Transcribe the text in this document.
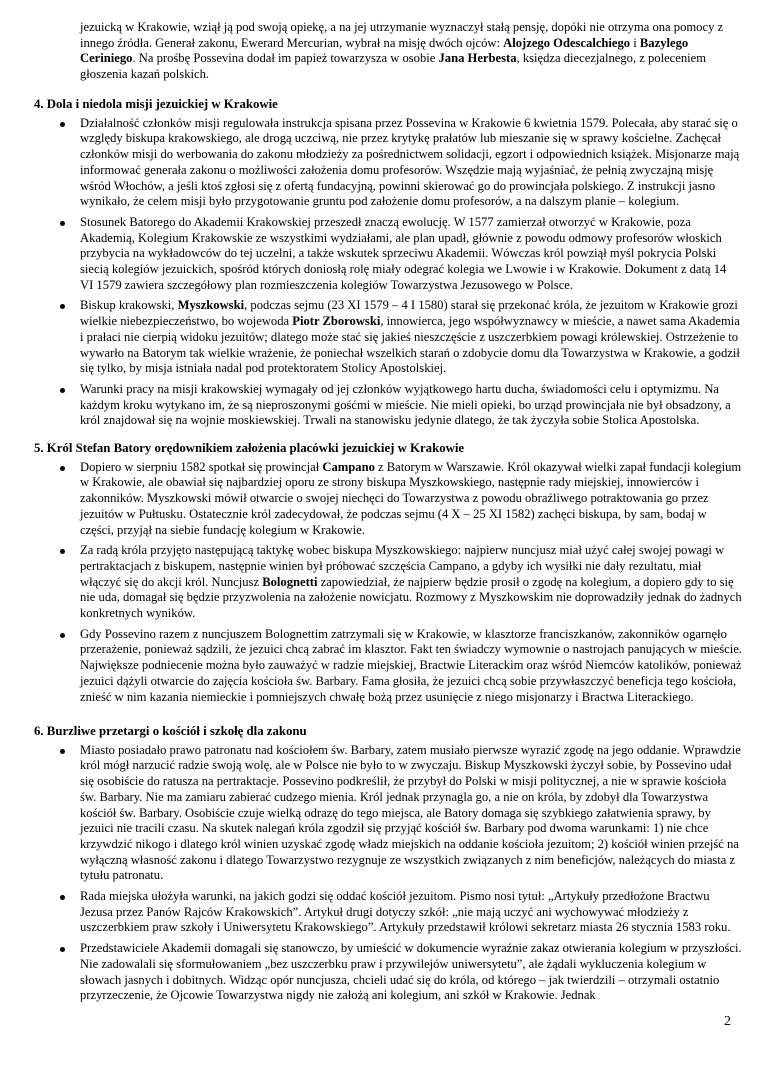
jezuicką w Krakowie, wziął ją pod swoją opiekę, a na jej utrzymanie wyznaczył stałą pensję, dopóki nie otrzyma ona pomocy z innego źródła. Generał zakonu, Ewerard Mercurian, wybrał na misję dwóch ojców: Alojzego Odescalchiego i Bazylego Ceriniego. Na prośbę Possevina dodał im papież towarzysza w osobie Jana Herbesta, księdza diecezjalnego, z poleceniem głoszenia kazań polskich.

4. Dola i niedola misji jezuickiej w Krakowie
Działalność członków misji regulowała instrukcja spisana przez Possevina w Krakowie 6 kwietnia 1579. Polecała, aby starać się o względy biskupa krakowskiego, ale drogą uczciwą, nie przez krytykę prałatów lub mieszanie się w sprawy kościelne. Zachęcał członków misji do werbowania do zakonu młodzieży za pośrednictwem solidacji, egzort i odpowiednich książek. Misjonarze mają informować generała zakonu o możliwości założenia domu profesorów. Wszędzie mają wyjaśniać, że pełnią zwyczajną misję wśród Włochów, a jeśli ktoś zgłosi się z ofertą fundacyjną, powinni skierować go do prowincjała polskiego. Z instrukcji jasno wynikało, że celem misji było przygotowanie gruntu pod założenie domu profesorów, a na dalszym planie – kolegium.
Stosunek Batorego do Akademii Krakowskiej przeszedł znaczą ewolucję. W 1577 zamierzał otworzyć w Krakowie, poza Akademią, Kolegium Krakowskie ze wszystkimi wydziałami, ale plan upadł, głównie z powodu odmowy profesorów włoskich przybycia na wykładowców do tej uczelni, a także wskutek sprzeciwu Akademii. Wówczas król powziął myśl pokrycia Polski siecią kolegiów jezuickich, spośród których doniosłą rolę miały odegrać kolegia we Lwowie i w Krakowie. Dokument z datą 14 VI 1579 zawiera szczegółowy plan rozmieszczenia kolegiów Towarzystwa Jezusowego w Polsce.
Biskup krakowski, Myszkowski, podczas sejmu (23 XI 1579 – 4 I 1580) starał się przekonać króla, że jezuitom w Krakowie grozi wielkie niebezpieczeństwo, bo wojewoda Piotr Zborowski, innowierca, jego współwyznawcy w mieście, a nawet sama Akademia i prałaci nie cierpią widoku jezuitów; dlatego może stać się jakieś nieszczęście z uszczerbkiem powagi królewskiej. Ostrzeżenie to wywarło na Batorym tak wielkie wrażenie, że poniechał wszelkich starań o zdobycie domu dla Towarzystwa w Krakowie, a godził się tylko, by misja istniała nadal pod protektoratem Stolicy Apostolskiej.
Warunki pracy na misji krakowskiej wymagały od jej członków wyjątkowego hartu ducha, świadomości celu i optymizmu. Na każdym kroku wytykano im, że są nieproszonymi gośćmi w mieście. Nie mieli opieki, bo urząd prowincjała nie był obsadzony, a król znajdował się na wojnie moskiewskiej. Trwali na stanowisku jedynie dlatego, że tak życzyła sobie Stolica Apostolska.
5. Król Stefan Batory orędownikiem założenia placówki jezuickiej w Krakowie
Dopiero w sierpniu 1582 spotkał się prowincjał Campano z Batorym w Warszawie. Król okazywał wielki zapał fundacji kolegium w Krakowie, ale obawiał się najbardziej oporu ze strony biskupa Myszkowskiego, następnie rady miejskiej, innowierców i zakonników. Myszkowski mówił otwarcie o swojej niechęci do Towarzystwa z powodu obraźliwego potraktowania go przez jezuitów w Pułtusku. Ostatecznie król zadecydował, że podczas sejmu (4 X – 25 XI 1582) zachęci biskupa, by sam, bodaj w części, przyjął na siebie fundację kolegium w Krakowie.
Za radą króla przyjęto następującą taktykę wobec biskupa Myszkowskiego: najpierw nuncjusz miał użyć całej swojej powagi w pertraktacjach z biskupem, następnie winien był próbować szczęścia Campano, a gdyby ich wysiłki nie dały rezultatu, miał włączyć się do akcji król. Nuncjusz Bolognetti zapowiedział, że najpierw będzie prosił o zgodę na kolegium, a dopiero gdy to się nie uda, domagał się będzie przyzwolenia na założenie nowicjatu. Rozmowy z Myszkowskim nie doprowadziły jednak do żadnych konkretnych wyników.
Gdy Possevino razem z nuncjuszem Bolognettim zatrzymali się w Krakowie, w klasztorze franciszkanów, zakonników ogarnęło przerażenie, ponieważ sądzili, że jezuici chcą zabrać im klasztor. Fakt ten świadczy wymownie o nastrojach panujących w mieście. Największe podniecenie można było zauważyć w radzie miejskiej, Bractwie Literackim oraz wśród Niemców katolików, ponieważ jezuici dążyli otwarcie do zajęcia kościoła św. Barbary. Fama głosiła, że jezuici chcą sobie przywłaszczyć beneficja tego kościoła, znieść w nim kazania niemieckie i pomniejszych chwałę bożą przez usunięcie z niego misjonarzy i Bractwa Literackiego.
6. Burzliwe przetargi o kościół i szkołę dla zakonu
Miasto posiadało prawo patronatu nad kościołem św. Barbary, zatem musiało pierwsze wyrazić zgodę na jego oddanie. Wprawdzie król mógł narzucić radzie swoją wolę, ale w Polsce nie było to w zwyczaju. Biskup Myszkowski życzył sobie, by Possevino udał się osobiście do ratusza na pertraktacje. Possevino podkreślił, że przybył do Polski w misji politycznej, a nie w sprawie kościoła św. Barbary. Nie ma zamiaru zabierać cudzego mienia. Król jednak przynagla go, a nie on króla, by zdobył dla Towarzystwa kościół św. Barbary. Osobiście czuje wielką odrazę do tego miejsca, ale Batory domaga się szybkiego załatwienia sprawy, by jezuici nie tracili czasu. Na skutek nalegań króla zgodził się przyjąć kościół św. Barbary pod dwoma warunkami: 1) nie chce krzywdzić nikogo i dlatego król winien uzyskać zgodę władz miejskich na oddanie kościoła jezuitom; 2) kościół winien przejść na wyłączną własność zakonu i dlatego Towarzystwo rezygnuje ze wszystkich związanych z nim beneficjów, należących do miasta z tytułu patronatu.
Rada miejska ułożyła warunki, na jakich godzi się oddać kościół jezuitom. Pismo nosi tytuł: „Artykuły przedłożone Bractwu Jezusa przez Panów Rajców Krakowskich”. Artykuł drugi dotyczy szkół: „nie mają uczyć ani wychowywać młodzieży z uszczerbkiem praw szkoły i Uniwersytetu Krakowskiego”. Artykuły przedstawił królowi sekretarz miasta 26 stycznia 1583 roku.
Przedstawiciele Akademii domagali się stanowczo, by umieścić w dokumencie wyraźnie zakaz otwierania kolegium w przyszłości. Nie zadowalali się sformułowaniem „bez uszczerbku praw i przywilejów uniwersytetu”, ale żądali wykluczenia kolegium w słowach jasnych i dobitnych. Widząc opór nuncjusza, chcieli udać się do króla, od którego – jak twierdzili – otrzymali ostatnio przyrzeczenie, że Ojcowie Towarzystwa nigdy nie założą ani kolegium, ani szkół w Krakowie. Jednak
2
